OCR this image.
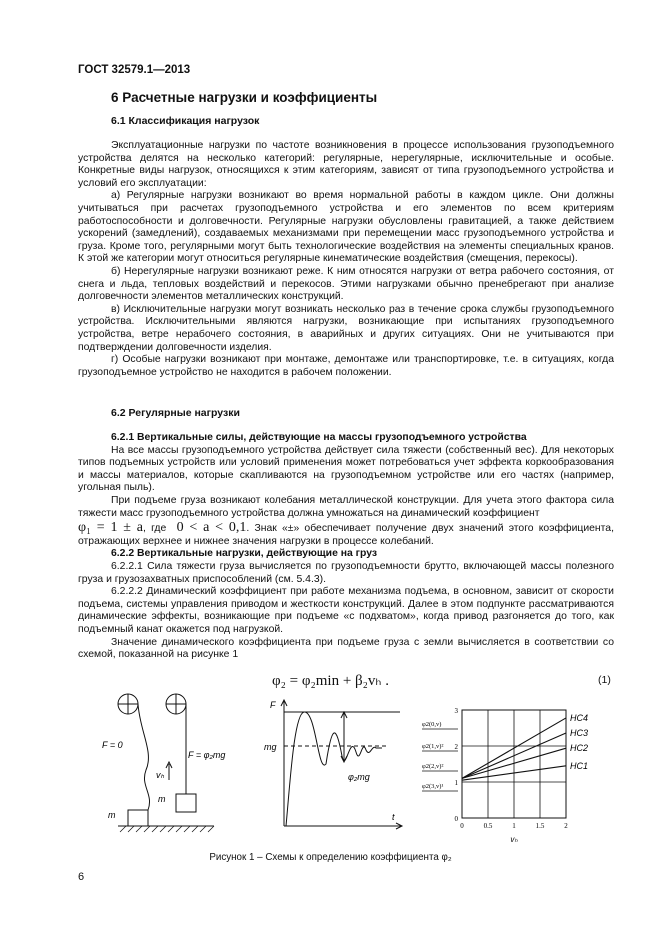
ГОСТ 32579.1—2013
6 Расчетные нагрузки и коэффициенты
6.1 Классификация нагрузок

Эксплуатационные нагрузки по частоте возникновения в процессе использования грузоподъемного устройства делятся на несколько категорий: регулярные, нерегулярные, исключительные и особые. Конкретные виды нагрузок, относящихся к этим категориям, зависят от типа грузоподъемного устройства и условий его эксплуатации:

а) Регулярные нагрузки возникают во время нормальной работы в каждом цикле. Они должны учитываться при расчетах грузоподъемного устройства и его элементов по всем критериям работоспособности и долговечности. Регулярные нагрузки обусловлены гравитацией, а также действием ускорений (замедлений), создаваемых механизмами при перемещении масс грузоподъемного устройства и груза. Кроме того, регулярными могут быть технологические воздействия на элементы специальных кранов. К этой же категории могут относиться регулярные кинематические воздействия (смещения, перекосы).

б) Нерегулярные нагрузки возникают реже. К ним относятся нагрузки от ветра рабочего состояния, от снега и льда, тепловых воздействий и перекосов. Этими нагрузками обычно пренебрегают при анализе долговечности элементов металлических конструкций.

в) Исключительные нагрузки могут возникать несколько раз в течение срока службы грузоподъемного устройства. Исключительными являются нагрузки, возникающие при испытаниях грузоподъемного устройства, ветре нерабочего состояния, в аварийных и других ситуациях. Они не учитываются при подтверждении долговечности изделия.

г) Особые нагрузки возникают при монтаже, демонтаже или транспортировке, т.е. в ситуациях, когда грузоподъемное устройство не находится в рабочем положении.

6.2 Регулярные нагрузки

6.2.1 Вертикальные силы, действующие на массы грузоподъемного устройства

На все массы грузоподъемного устройства действует сила тяжести (собственный вес). Для некоторых типов подъемных устройств или условий применения может потребоваться учет эффекта коркообразования и массы материалов, которые скапливаются на грузоподъемном устройстве или его частях (например, угольная пыль).

При подъеме груза возникают колебания металлической конструкции. Для учета этого фактора сила тяжести масс грузоподъемного устройства должна умножаться на динамический коэффициент

φ₁ = 1 ± a, где 0 < a < 0,1. Знак «±» обеспечивает получение двух значений этого коэффициента, отражающих верхнее и нижнее значения нагрузки в процессе колебаний.

6.2.2 Вертикальные нагрузки, действующие на груз

6.2.2.1 Сила тяжести груза вычисляется по грузоподъемности брутто, включающей массы полезного груза и грузозахватных приспособлений (см. 5.4.3).

6.2.2.2 Динамический коэффициент при работе механизма подъема, в основном, зависит от скорости подъема, системы управления приводом и жесткости конструкций. Далее в этом подпункте рассматриваются динамические эффекты, возникающие при подъеме «с подхватом», когда привод разгоняется до того, как подъемный канат окажется под нагрузкой.

Значение динамического коэффициента при подъеме груза с земли вычисляется в соответствии со схемой, показанной на рисунке 1

φ₂ = φ₂min + β₂vₕ .	(1)
F = 0
F = φ₂mg
vₕ
m
m
F
mg
φ₂mg
t
HC4
HC3
HC2
HC1
3
2
1
0
0	0.5	1	1.5	2
φ2(0,v)
φ2(1,v)²
φ2(2,v)²
φ2(3,v)¹
vₕ
Рисунок 1 – Схемы к определению коэффициента φ₂
6
